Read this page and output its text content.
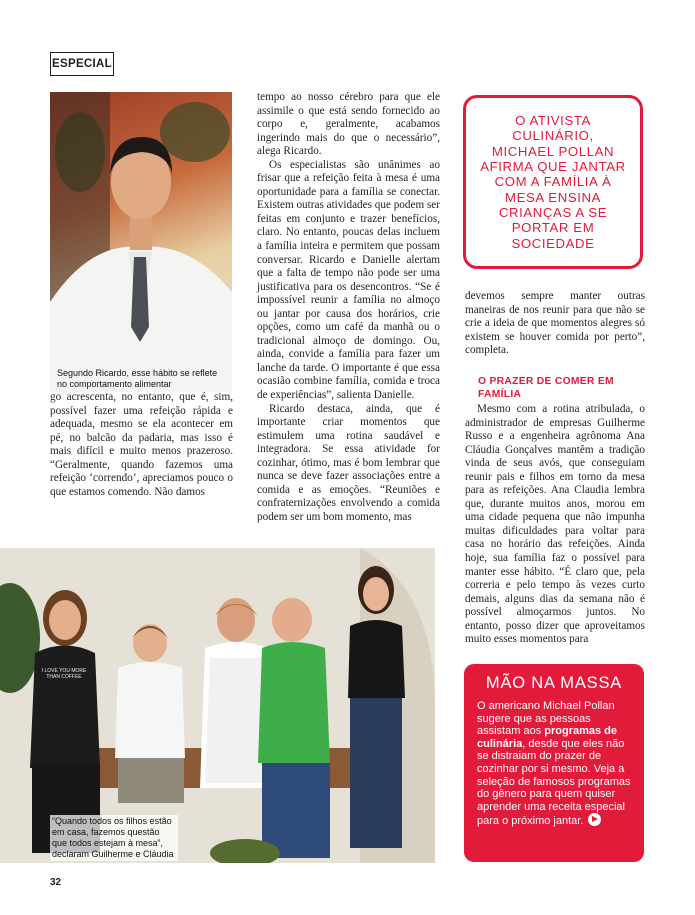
ESPECIAL
Segundo Ricardo, esse hábito se reflete no comportamento alimentar

go acrescenta, no entanto, que é, sim, possível fazer uma refeição rápida e adequada, mesmo se ela acontecer em pé, no balcão da padaria, mas isso é mais difícil e muito menos prazeroso. “Geralmente, quando fazemos uma refeição ‘correndo’, apreciamos pouco o que estamos comendo. Não damos

tempo ao nosso cérebro para que ele assimile o que está sendo fornecido ao corpo e, geralmente, acabamos ingerindo mais do que o necessário”, alega Ricardo.

Os especialistas são unânimes ao frisar que a refeição feita à mesa é uma oportunidade para a família se conectar. Existem outras atividades que podem ser feitas em conjunto e trazer benefícios, claro. No entanto, poucas delas incluem a família inteira e permitem que possam conversar. Ricardo e Danielle alertam que a falta de tempo não pode ser uma justificativa para os desencontros. “Se é impossível reunir a família no almoço ou jantar por causa dos horários, crie opções, como um café da manhã ou o tradicional almoço de domingo. Ou, ainda, convide a família para fazer um lanche da tarde. O importante é que essa ocasião combine família, comida e troca de experiências”, salienta Danielle.

Ricardo destaca, ainda, que é importante criar momentos que estimulem uma rotina saudável e integradora. Se essa atividade for cozinhar, ótimo, mas é bom lembrar que nunca se deve fazer associações entre a comida e as emoções. “Reuniões e confraternizações envolvendo a comida podem ser um bom momento, mas

O ATIVISTA CULINÁRIO, MICHAEL POLLAN AFIRMA QUE JANTAR COM A FAMÍLIA À MESA ENSINA CRIANÇAS A SE PORTAR EM SOCIEDADE

devemos sempre manter outras maneiras de nos reunir para que não se crie a ideia de que momentos alegres só existem se houver comida por perto”, completa.

O PRAZER DE COMER EM FAMÍLIA

Mesmo com a rotina atribulada, o administrador de empresas Guilherme Russo e a engenheira agrônoma Ana Cláudia Gonçalves mantêm a tradição vinda de seus avós, que conseguiam reunir pais e filhos em torno da mesa para as refeições. Ana Claudia lembra que, durante muitos anos, morou em uma cidade pequena que não impunha muitas dificuldades para voltar para casa no horário das refeições. Ainda hoje, sua família faz o possível para manter esse hábito. “É claro que, pela correria e pelo tempo às vezes curto demais, alguns dias da semana não é possível almoçarmos juntos. No entanto, posso dizer que aproveitamos muito esses momentos para

I LOVE YOU MORE THAN COFFEE
“Quando todos os filhos estão em casa, fazemos questão que todos estejam à mesa”, declaram Guilherme e Cláudia
MÃO NA MASSA
O americano Michael Pollan sugere que as pessoas assistam aos programas de culinária, desde que eles não se distraiam do prazer de cozinhar por si mesmo. Veja a seleção de famosos programas do gênero para quem quiser aprender uma receita especial para o próximo jantar.
32
